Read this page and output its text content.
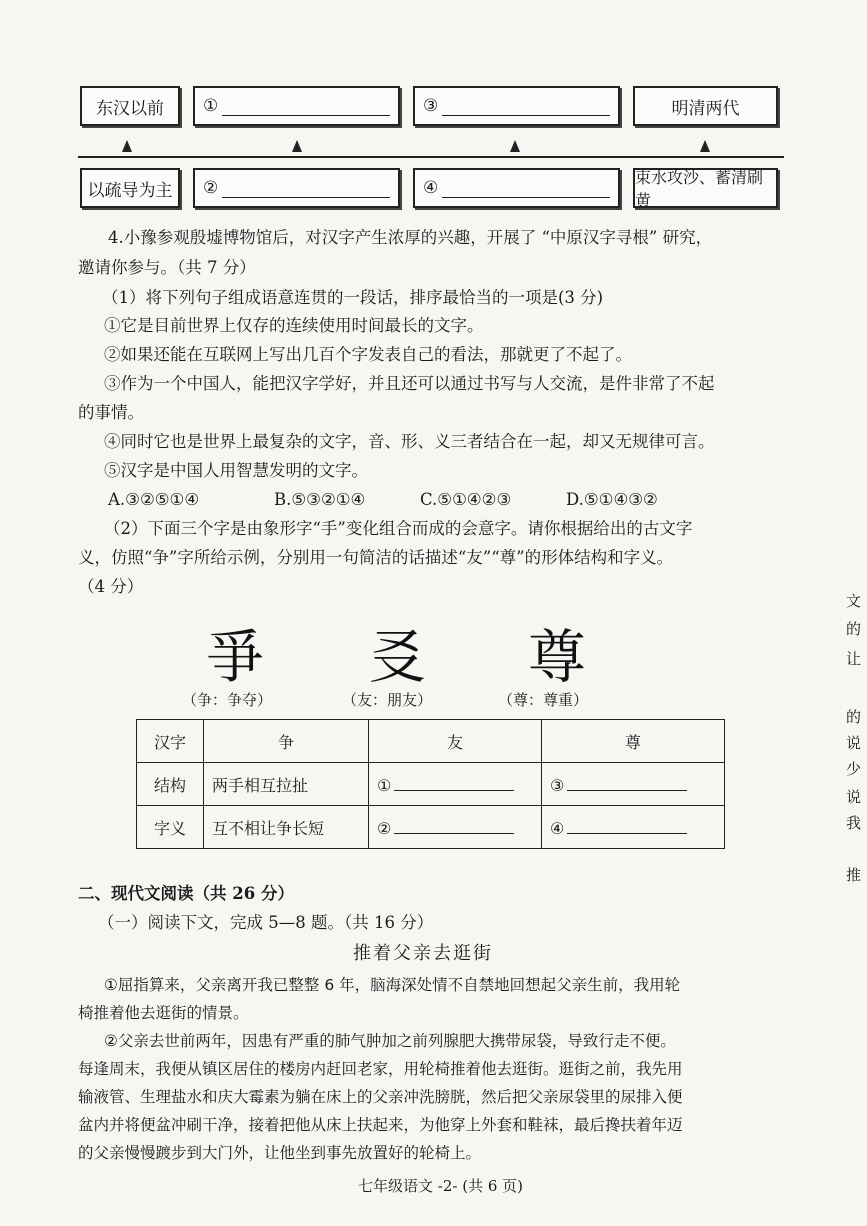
东汉以前 ①	③	明清两代
以疏导为主 ②	④
束水攻沙、蓄清刷黄
4.小豫参观殷墟博物馆后，对汉字产生浓厚的兴趣，开展了 “中原汉字寻根” 研究，
邀请你参与。（共 7 分）
（1）将下列句子组成语意连贯的一段话，排序最恰当的一项是(3 分)
①它是目前世界上仅存的连续使用时间最长的文字。
②如果还能在互联网上写出几百个字发表自己的看法，那就更了不起了。
③作为一个中国人，能把汉字学好，并且还可以通过书写与人交流，是件非常了不起
的事情。
④同时它也是世界上最复杂的文字，音、形、义三者结合在一起，却又无规律可言。
⑤汉字是中国人用智慧发明的文字。
A.③②⑤①④	B.⑤③②①④	C.⑤①④②③	D.⑤①④③②
（2）下面三个字是由象形字“手”变化组合而成的会意字。请你根据给出的古文字
义，仿照“争”字所给示例，分别用一句简洁的话描述“友”“尊”的形体结构和字义。
（4 分）
爭 㕛 尊
（争：争夺）	（友：朋友）	（尊：尊重）
汉字	争	友	尊
结构	两手相互拉扯	①	③
字义	互不相让争长短	②	④
二、现代文阅读（共 26 分）
（一）阅读下文，完成 5—8 题。（共 16 分）
推着父亲去逛街
①屈指算来，父亲离开我已整整 6 年，脑海深处情不自禁地回想起父亲生前，我用轮
椅推着他去逛街的情景。
②父亲去世前两年，因患有严重的肺气肿加之前列腺肥大携带尿袋，导致行走不便。
每逢周末，我便从镇区居住的楼房内赶回老家，用轮椅推着他去逛街。逛街之前，我先用
输液管、生理盐水和庆大霉素为躺在床上的父亲冲洗膀胱，然后把父亲尿袋里的尿排入便
盆内并将便盆冲刷干净，接着把他从床上扶起来，为他穿上外套和鞋袜，最后搀扶着年迈
的父亲慢慢踱步到大门外，让他坐到事先放置好的轮椅上。
文
的
让
的
说
少
说
我
推
七年级语文 -2- (共 6 页)
